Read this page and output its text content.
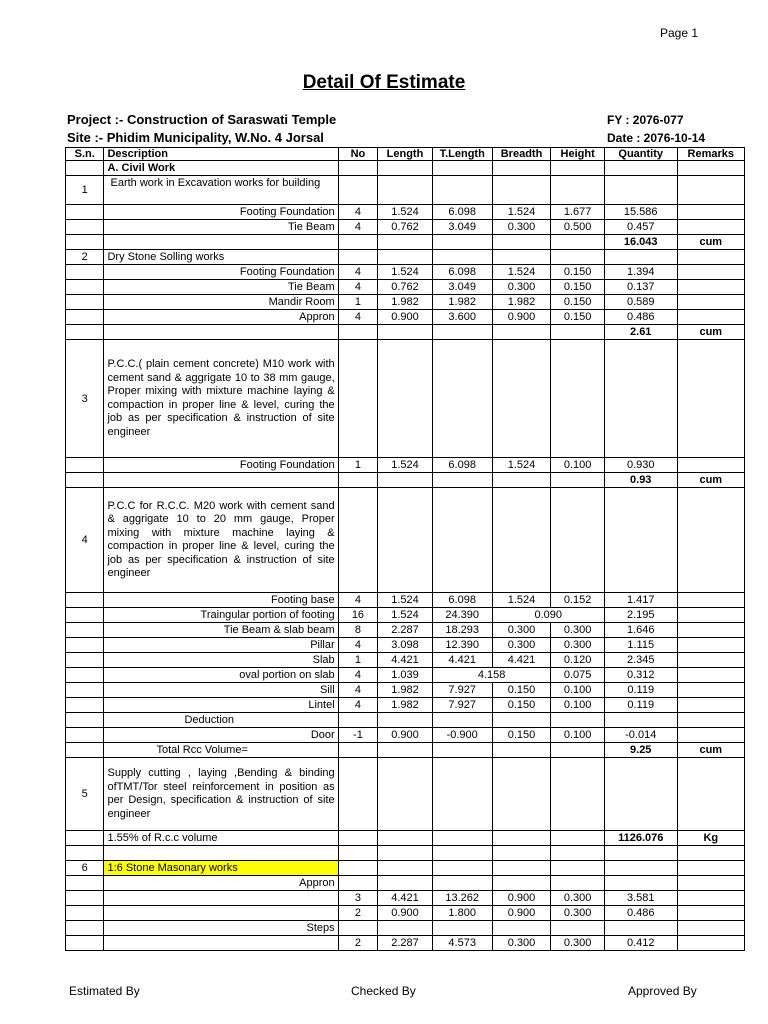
Page 1
Detail Of Estimate
Project :- Construction of Saraswati Temple	FY : 2076-077
Site :- Phidim Municipality, W.No. 4 Jorsal	Date : 2076-10-14
S.n.	Description	No	Length	T.Length	Breadth	Height	Quantity	Remarks
	A. Civil Work							
1	Earth work in Excavation works for building							
	Footing Foundation	4	1.524	6.098	1.524	1.677	15.586	
	Tie Beam	4	0.762	3.049	0.300	0.500	0.457	
							16.043	cum
2	Dry Stone Solling works							
	Footing Foundation	4	1.524	6.098	1.524	0.150	1.394	
	Tie Beam	4	0.762	3.049	0.300	0.150	0.137	
	Mandir Room	1	1.982	1.982	1.982	0.150	0.589	
	Appron	4	0.900	3.600	0.900	0.150	0.486	
							2.61	cum
3	P.C.C.( plain cement concrete) M10 work with cement sand & aggrigate 10 to 38 mm gauge, Proper mixing with mixture machine laying & compaction in proper line & level, curing the job as per specification & instruction of site engineer							
	Footing Foundation	1	1.524	6.098	1.524	0.100	0.930	
							0.93	cum
4	P.C.C for R.C.C. M20 work with cement sand & aggrigate 10 to 20 mm gauge, Proper mixing with mixture machine laying & compaction in proper line & level, curing the job as per specification & instruction of site engineer							
	Footing base	4	1.524	6.098	1.524	0.152	1.417	
	Traingular portion of footing	16	1.524	24.390	0.090		2.195	
	Tie Beam & slab beam	8	2.287	18.293	0.300	0.300	1.646	
	Pillar	4	3.098	12.390	0.300	0.300	1.115	
	Slab	1	4.421	4.421	4.421	0.120	2.345	
	oval portion on slab	4	1.039	4.158		0.075	0.312	
	Sill	4	1.982	7.927	0.150	0.100	0.119	
	Lintel	4	1.982	7.927	0.150	0.100	0.119	
	Deduction							
	Door	-1	0.900	-0.900	0.150	0.100	-0.014	
	Total Rcc Volume=						9.25	cum
5	Supply cutting , laying ,Bending & binding ofTMT/Tor steel reinforcement in position as per Design, specification & instruction of site engineer							
	1.55% of R.c.c volume						1126.076	Kg

6	1:6 Stone Masonary works							
	Appron							
		3	4.421	13.262	0.900	0.300	3.581	
		2	0.900	1.800	0.900	0.300	0.486	
	Steps							
		2	2.287	4.573	0.300	0.300	0.412	
Estimated By	Checked By	Approved By
